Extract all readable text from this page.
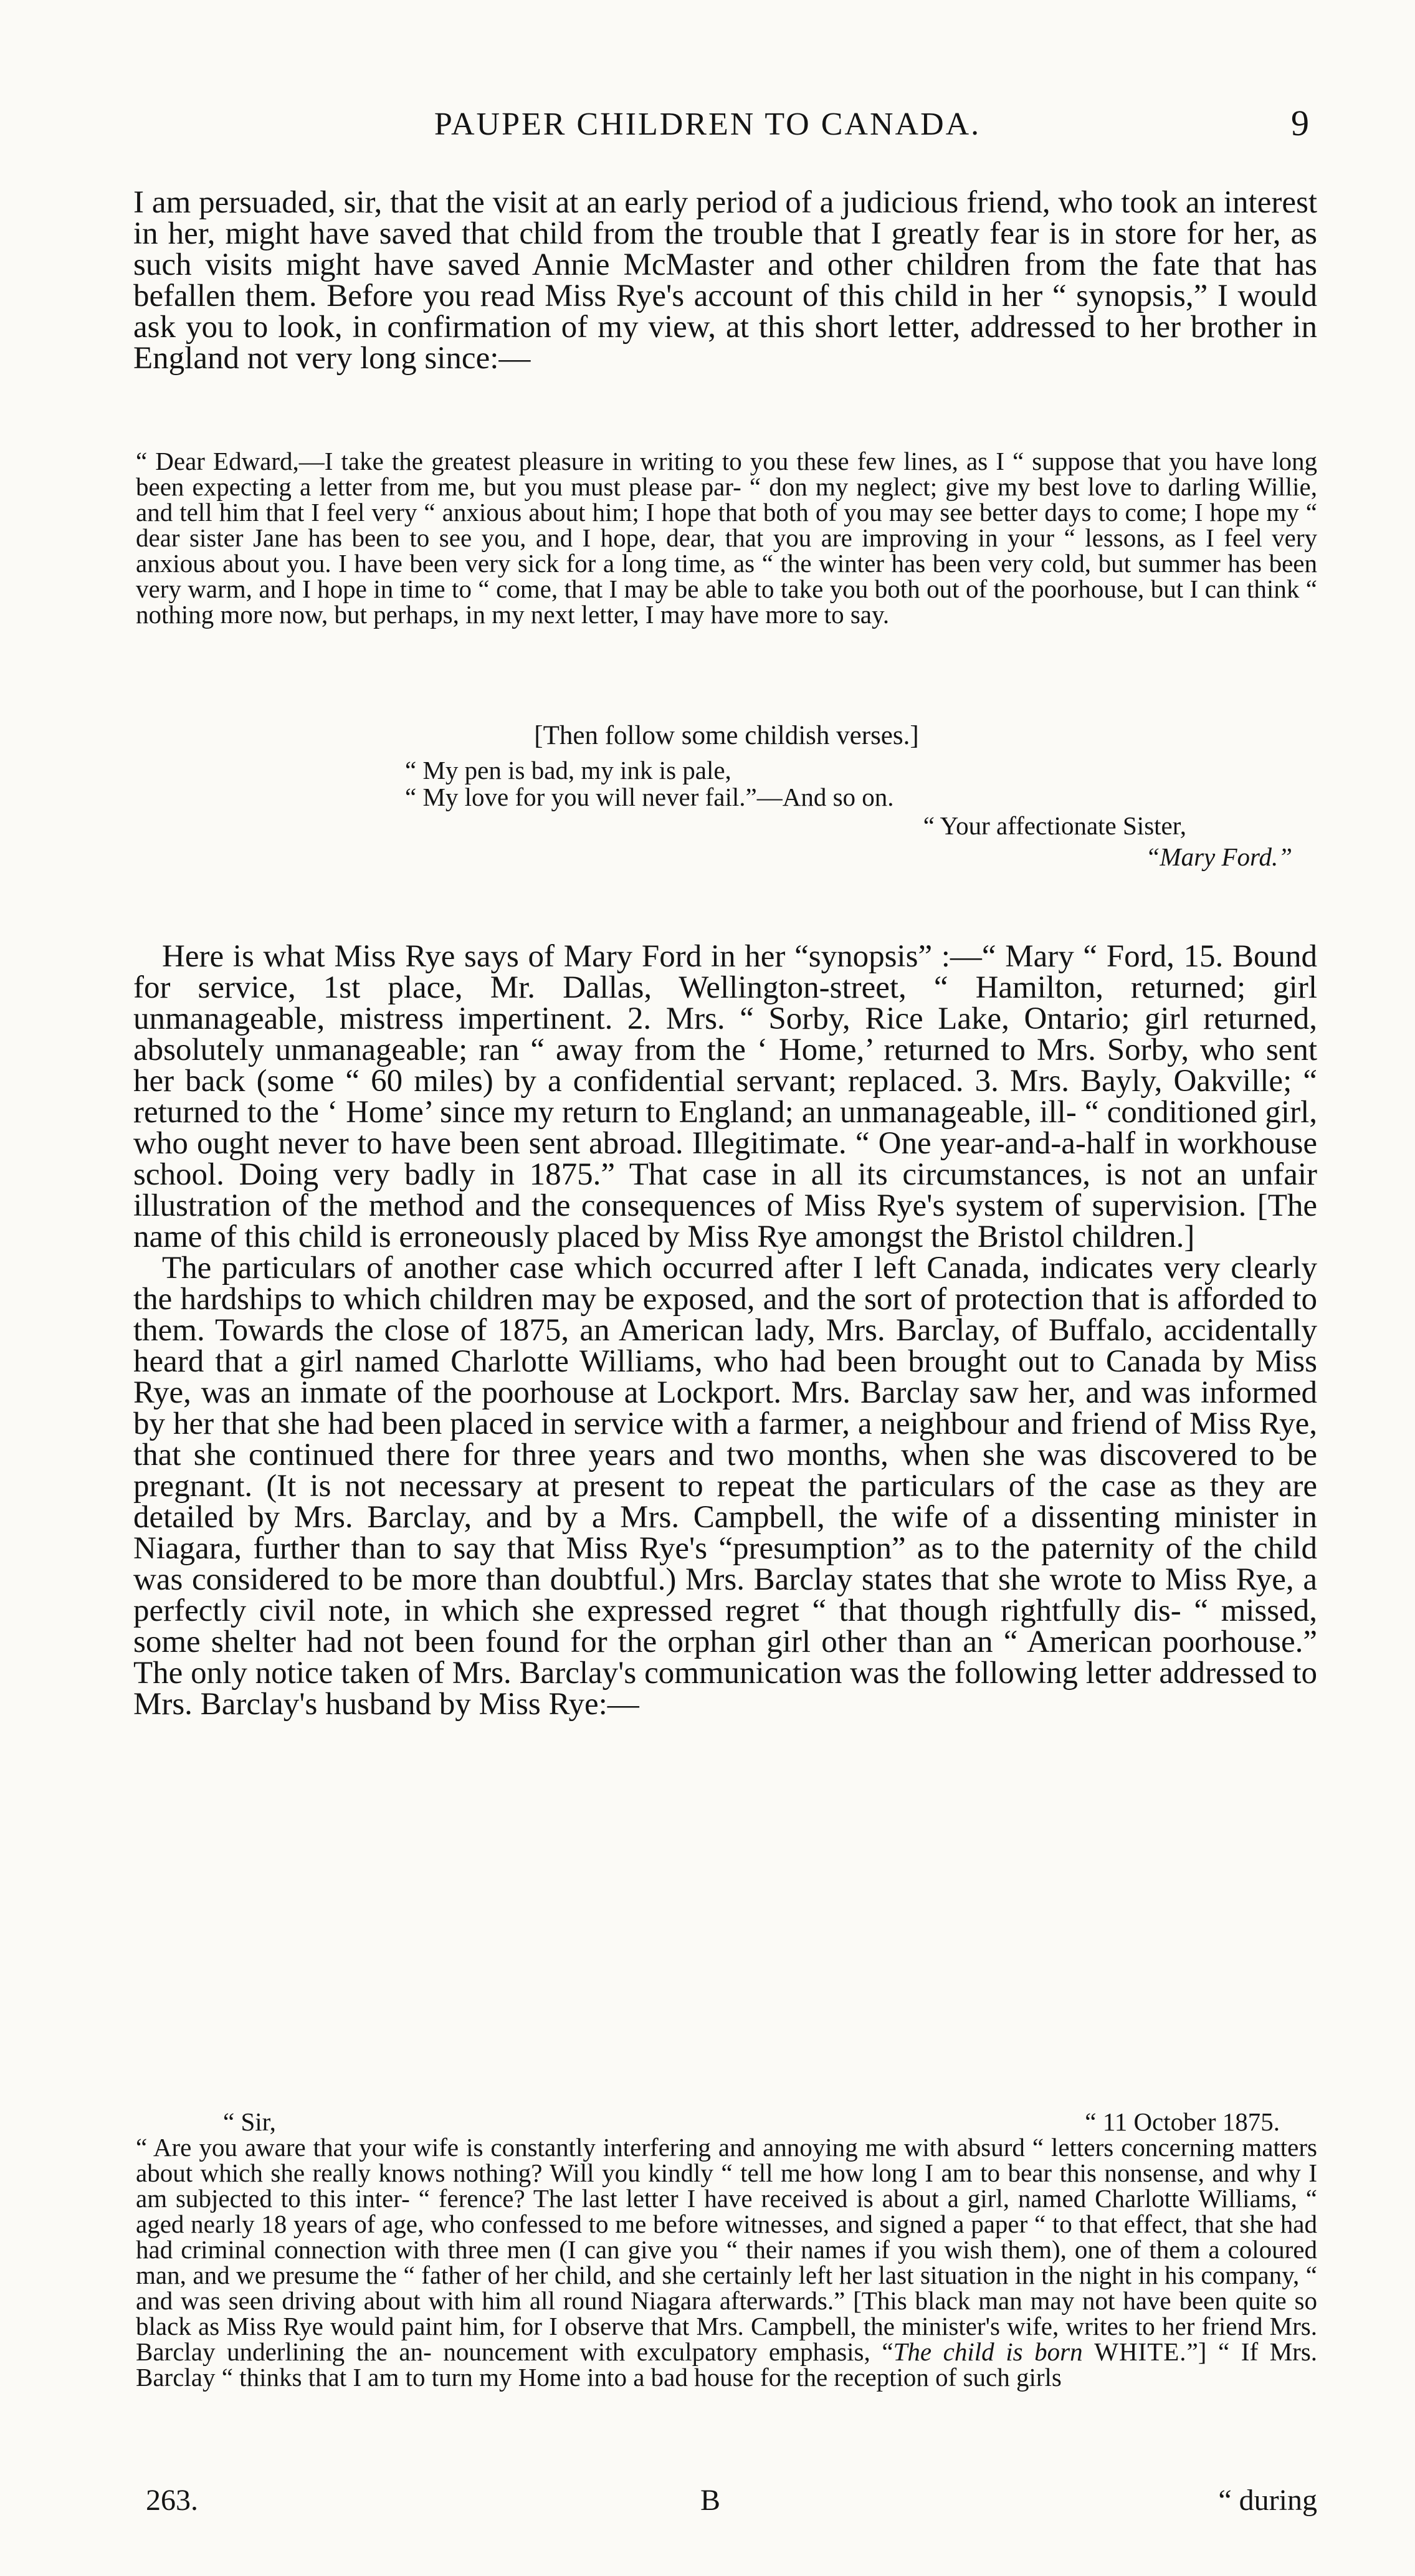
PAUPER CHILDREN TO CANADA.	9

I am persuaded, sir, that the visit at an early period of a judicious friend, who took an interest in her, might have saved that child from the trouble that I greatly fear is in store for her, as such visits might have saved Annie McMaster and other children from the fate that has befallen them. Before you read Miss Rye's account of this child in her “ synopsis,” I would ask you to look, in confirmation of my view, at this short letter, addressed to her brother in England not very long since:—

“ Dear Edward,—I take the greatest pleasure in writing to you these few lines, as I “ suppose that you have long been expecting a letter from me, but you must please par- “ don my neglect; give my best love to darling Willie, and tell him that I feel very “ anxious about him; I hope that both of you may see better days to come; I hope my “ dear sister Jane has been to see you, and I hope, dear, that you are improving in your “ lessons, as I feel very anxious about you. I have been very sick for a long time, as “ the winter has been very cold, but summer has been very warm, and I hope in time to “ come, that I may be able to take you both out of the poorhouse, but I can think “ nothing more now, but perhaps, in my next letter, I may have more to say.

[Then follow some childish verses.]

“ My pen is bad, my ink is pale,
“ My love for you will never fail.”—And so on.

“ Your affectionate Sister,

“Mary Ford.”

Here is what Miss Rye says of Mary Ford in her “synopsis” :—“ Mary “ Ford, 15. Bound for service, 1st place, Mr. Dallas, Wellington-street, “ Hamilton, returned; girl unmanageable, mistress impertinent. 2. Mrs. “ Sorby, Rice Lake, Ontario; girl returned, absolutely unmanageable; ran “ away from the ‘ Home,’ returned to Mrs. Sorby, who sent her back (some “ 60 miles) by a confidential servant; replaced. 3. Mrs. Bayly, Oakville; “ returned to the ‘ Home’ since my return to England; an unmanageable, ill- “ conditioned girl, who ought never to have been sent abroad. Illegitimate. “ One year-and-a-half in workhouse school. Doing very badly in 1875.” That case in all its circumstances, is not an unfair illustration of the method and the consequences of Miss Rye's system of supervision. [The name of this child is erroneously placed by Miss Rye amongst the Bristol children.]

The particulars of another case which occurred after I left Canada, indicates very clearly the hardships to which children may be exposed, and the sort of protection that is afforded to them. Towards the close of 1875, an American lady, Mrs. Barclay, of Buffalo, accidentally heard that a girl named Charlotte Williams, who had been brought out to Canada by Miss Rye, was an inmate of the poorhouse at Lockport. Mrs. Barclay saw her, and was informed by her that she had been placed in service with a farmer, a neighbour and friend of Miss Rye, that she continued there for three years and two months, when she was discovered to be pregnant. (It is not necessary at present to repeat the particulars of the case as they are detailed by Mrs. Barclay, and by a Mrs. Campbell, the wife of a dissenting minister in Niagara, further than to say that Miss Rye's “presumption” as to the paternity of the child was considered to be more than doubtful.) Mrs. Barclay states that she wrote to Miss Rye, a perfectly civil note, in which she expressed regret “ that though rightfully dis- “ missed, some shelter had not been found for the orphan girl other than an “ American poorhouse.” The only notice taken of Mrs. Barclay's communication was the following letter addressed to Mrs. Barclay's husband by Miss Rye:—

“ Sir,	“ 11 October 1875.

“ Are you aware that your wife is constantly interfering and annoying me with absurd “ letters concerning matters about which she really knows nothing? Will you kindly “ tell me how long I am to bear this nonsense, and why I am subjected to this inter- “ ference? The last letter I have received is about a girl, named Charlotte Williams, “ aged nearly 18 years of age, who confessed to me before witnesses, and signed a paper “ to that effect, that she had had criminal connection with three men (I can give you “ their names if you wish them), one of them a coloured man, and we presume the “ father of her child, and she certainly left her last situation in the night in his company, “ and was seen driving about with him all round Niagara afterwards.” [This black man may not have been quite so black as Miss Rye would paint him, for I observe that Mrs. Campbell, the minister's wife, writes to her friend Mrs. Barclay underlining the an- nouncement with exculpatory emphasis, “The child is born WHITE.”] “ If Mrs. Barclay “ thinks that I am to turn my Home into a bad house for the reception of such girls

263.	B	“ during
